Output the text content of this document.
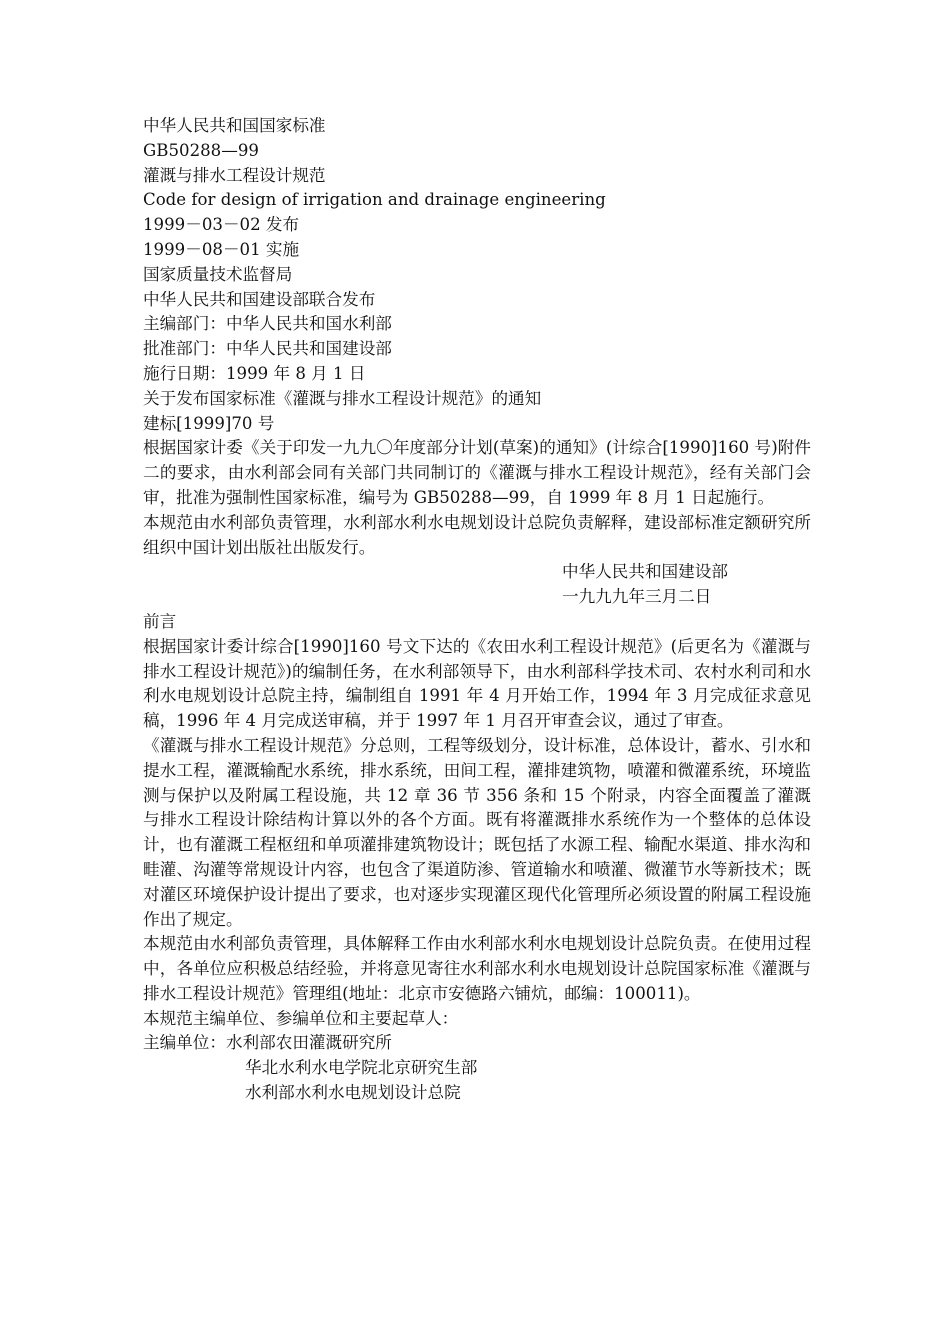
中华人民共和国国家标准
GB50288—99
灌溉与排水工程设计规范
Code for design of irrigation and drainage engineering
1999－03－02 发布
1999－08－01 实施
国家质量技术监督局
中华人民共和国建设部联合发布
主编部门：中华人民共和国水利部
批准部门：中华人民共和国建设部
施行日期：1999 年 8 月 1 日
关于发布国家标准《灌溉与排水工程设计规范》的通知
建标[1999]70 号
根据国家计委《关于印发一九九〇年度部分计划(草案)的通知》(计综合[1990]160 号)附件二的要求，由水利部会同有关部门共同制订的《灌溉与排水工程设计规范》，经有关部门会审，批准为强制性国家标准，编号为 GB50288—99，自 1999 年 8 月 1 日起施行。
本规范由水利部负责管理，水利部水利水电规划设计总院负责解释，建设部标准定额研究所组织中国计划出版社出版发行。
中华人民共和国建设部
一九九九年三月二日
前言
根据国家计委计综合[1990]160 号文下达的《农田水利工程设计规范》(后更名为《灌溉与排水工程设计规范》)的编制任务，在水利部领导下，由水利部科学技术司、农村水利司和水利水电规划设计总院主持，编制组自 1991 年 4 月开始工作，1994 年 3 月完成征求意见稿，1996 年 4 月完成送审稿，并于 1997 年 1 月召开审查会议，通过了审查。
《灌溉与排水工程设计规范》分总则，工程等级划分，设计标准，总体设计，蓄水、引水和提水工程，灌溉输配水系统，排水系统，田间工程，灌排建筑物，喷灌和微灌系统，环境监测与保护以及附属工程设施，共 12 章 36 节 356 条和 15 个附录，内容全面覆盖了灌溉与排水工程设计除结构计算以外的各个方面。既有将灌溉排水系统作为一个整体的总体设计，也有灌溉工程枢纽和单项灌排建筑物设计；既包括了水源工程、输配水渠道、排水沟和畦灌、沟灌等常规设计内容，也包含了渠道防渗、管道输水和喷灌、微灌节水等新技术；既对灌区环境保护设计提出了要求，也对逐步实现灌区现代化管理所必须设置的附属工程设施作出了规定。
本规范由水利部负责管理，具体解释工作由水利部水利水电规划设计总院负责。在使用过程中，各单位应积极总结经验，并将意见寄往水利部水利水电规划设计总院国家标准《灌溉与排水工程设计规范》管理组(地址：北京市安德路六铺炕，邮编：100011)。
本规范主编单位、参编单位和主要起草人：
主编单位：水利部农田灌溉研究所
华北水利水电学院北京研究生部
水利部水利水电规划设计总院
